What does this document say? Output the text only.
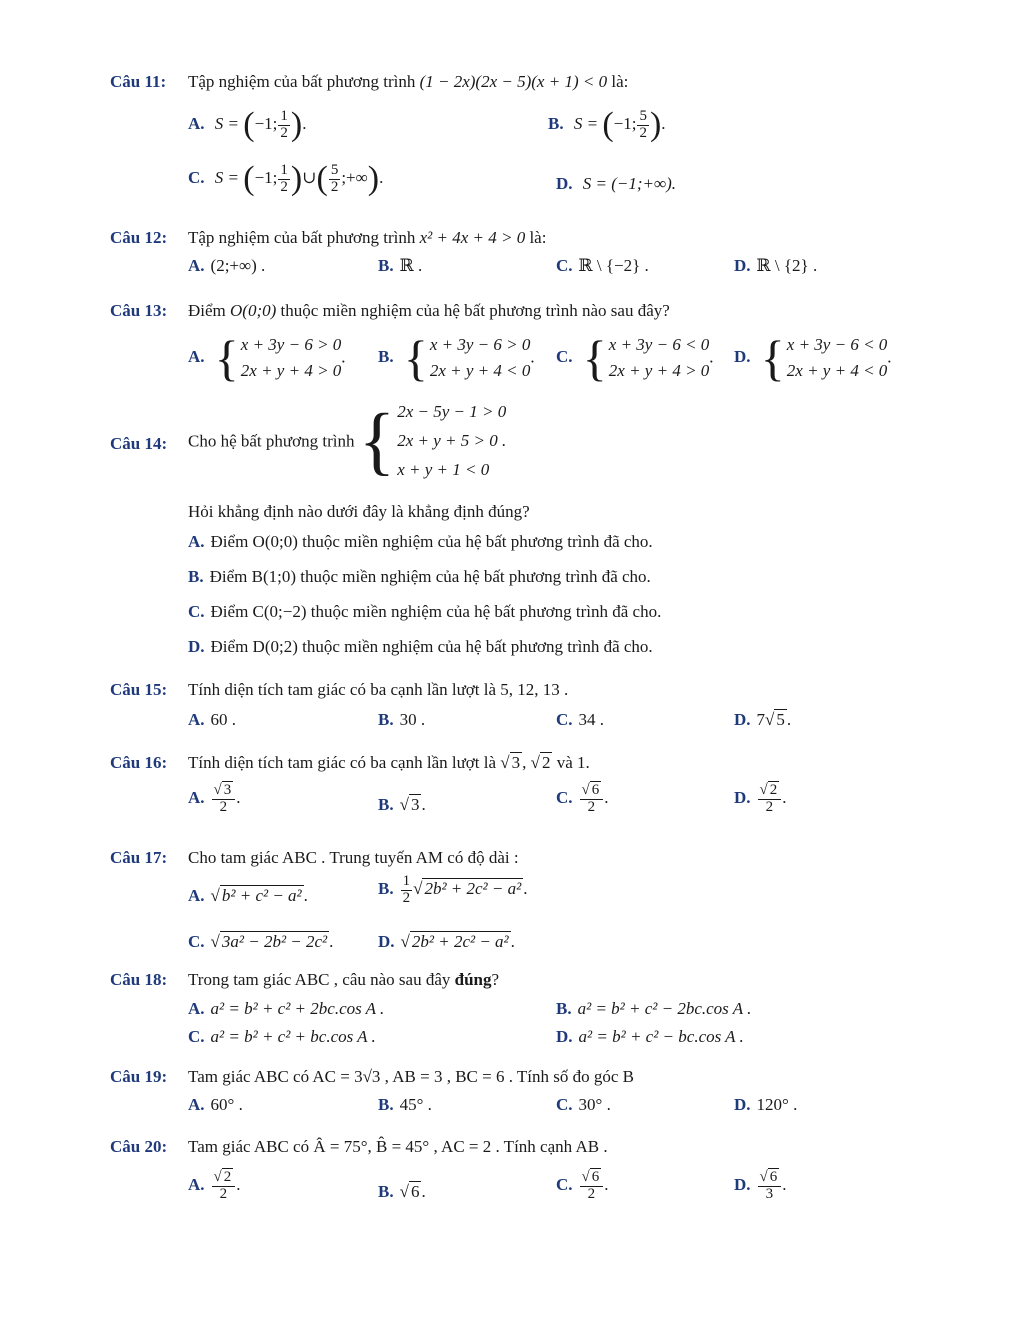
Câu 11: Tập nghiệm của bất phương trình (1 − 2x)(2x − 5)(x + 1) < 0 là:
A. S = (−1; $\frac{1}{2}$ ).	B. S = (−1; $\frac{5}{2}$ ).
C. S = (−1; $\frac{1}{2}$ )∪( $\frac{5}{2}$ ;+∞).	D. S = (−1;+∞).
Câu 12: Tập nghiệm của bất phương trình x² + 4x + 4 > 0 là:
A. (2;+∞) .	B. ℝ .	C. ℝ \ {−2} .	D. ℝ \ {2} .
Câu 13: Điểm O(0;0) thuộc miền nghiệm của hệ bất phương trình nào sau đây?
A. { x + 3y − 6 > 0
2x + y + 4 > 0
. B. { x + 3y − 6 > 0
2x + y + 4 < 0
. C. { x + 3y − 6 < 0
2x + y + 4 > 0
. D. { x + 3y − 6 < 0
2x + y + 4 < 0
.
Câu 14: Cho hệ bất phương trình { 2x − 5y − 1 > 0
2x + y + 5 > 0 .
x + y + 1 < 0
Hỏi khẳng định nào dưới đây là khẳng định đúng?
A. Điểm O(0;0) thuộc miền nghiệm của hệ bất phương trình đã cho.
B. Điểm B(1;0) thuộc miền nghiệm của hệ bất phương trình đã cho.
C. Điểm C(0;−2) thuộc miền nghiệm của hệ bất phương trình đã cho.
D. Điểm D(0;2) thuộc miền nghiệm của hệ bất phương trình đã cho.
Câu 15: Tính diện tích tam giác có ba cạnh lần lượt là 5, 12, 13 .
A. 60 .	B. 30 .	C. 34 .	D. 7√ 5 .
Câu 16: Tính diện tích tam giác có ba cạnh lần lượt là √ 3 , √ 2 và 1.
A. $\frac{√ 3}{2}$ .	B. √ 3 .	C. $\frac{√ 6}{2}$ .	D. $\frac{√ 2}{2}$ .
Câu 17: Cho tam giác ABC . Trung tuyến AM có độ dài :
A. √ b² + c² − a² .	B. $\frac{1}{2}$ √ 2b² + 2c² − a² .
C. √ 3a² − 2b² − 2c² .	D. √ 2b² + 2c² − a² .
Câu 18: Trong tam giác ABC , câu nào sau đây đúng?
A. a² = b² + c² + 2bc.cos A .	B. a² = b² + c² − 2bc.cos A .
C. a² = b² + c² + bc.cos A .	D. a² = b² + c² − bc.cos A .
Câu 19: Tam giác ABC có AC = 3√3 , AB = 3 , BC = 6 . Tính số đo góc B
A. 60° .	B. 45° .	C. 30° .	D. 120° .
Câu 20: Tam giác ABC có Â = 75°, B̂ = 45° , AC = 2 . Tính cạnh AB .
A. $\frac{√ 2}{2}$ .	B. √ 6 .	C. $\frac{√ 6}{2}$ .	D. $\frac{√ 6}{3}$ .
